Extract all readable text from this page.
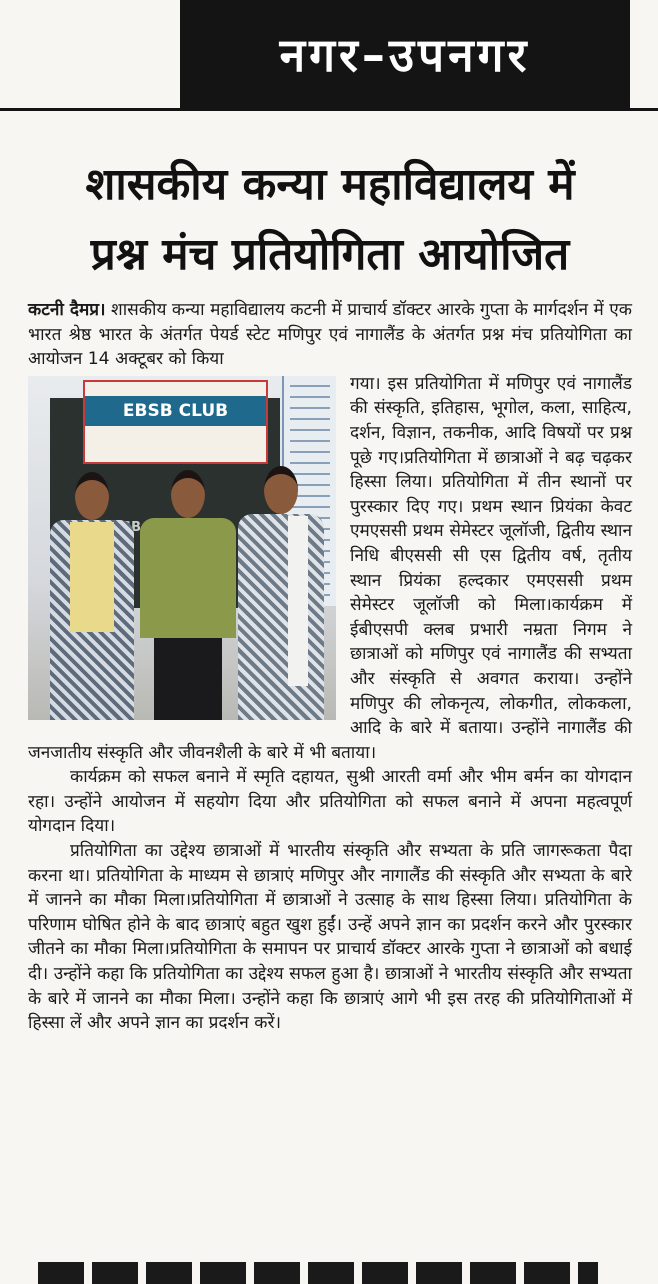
नगर–उपनगर
शासकीय कन्या महाविद्यालय में
प्रश्न मंच प्रतियोगिता आयोजित

कटनी दैमप्र। शासकीय कन्या महाविद्यालय कटनी में प्राचार्य डॉक्टर आरके गुप्ता के मार्गदर्शन में एक भारत श्रेष्ठ भारत के अंतर्गत पेयर्ड स्टेट मणिपुर एवं नागालैंड के अंतर्गत प्रश्न मंच प्रतियोगिता का आयोजन 14 अक्टूबर को किया

EBSB CLUB
गया। इस प्रतियोगिता में मणिपुर एवं नागालैंड की संस्कृति, इतिहास, भूगोल, कला, साहित्य, दर्शन, विज्ञान, तकनीक, आदि विषयों पर प्रश्न पूछे गए।प्रतियोगिता में छात्राओं ने बढ़ चढ़कर हिस्सा लिया। प्रतियोगिता में तीन स्थानों पर पुरस्कार दिए गए। प्रथम स्थान प्रियंका केवट एमएससी प्रथम सेमेस्टर जूलॉजी, द्वितीय स्थान निधि बीएससी सी एस द्वितीय वर्ष, तृतीय स्थान प्रियंका हल्दकार एमएससी प्रथम सेमेस्टर जूलॉजी को मिला।कार्यक्रम में ईबीएसपी क्लब प्रभारी नम्रता निगम ने छात्राओं को मणिपुर एवं नागालैंड की सभ्यता और संस्कृति से अवगत कराया। उन्होंने मणिपुर की लोकनृत्य, लोकगीत, लोककला, आदि के बारे में बताया। उन्होंने नागालैंड की जनजातीय संस्कृति और जीवनशैली के बारे में भी बताया।

कार्यक्रम को सफल बनाने में स्मृति दहायत, सुश्री आरती वर्मा और भीम बर्मन का योगदान रहा। उन्होंने आयोजन में सहयोग दिया और प्रतियोगिता को सफल बनाने में अपना महत्वपूर्ण योगदान दिया।

प्रतियोगिता का उद्देश्य छात्राओं में भारतीय संस्कृति और सभ्यता के प्रति जागरूकता पैदा करना था। प्रतियोगिता के माध्यम से छात्राएं मणिपुर और नागालैंड की संस्कृति और सभ्यता के बारे में जानने का मौका मिला।प्रतियोगिता में छात्राओं ने उत्साह के साथ हिस्सा लिया। प्रतियोगिता के परिणाम घोषित होने के बाद छात्राएं बहुत खुश हुईं। उन्हें अपने ज्ञान का प्रदर्शन करने और पुरस्कार जीतने का मौका मिला।प्रतियोगिता के समापन पर प्राचार्य डॉक्टर आरके गुप्ता ने छात्राओं को बधाई दी। उन्होंने कहा कि प्रतियोगिता का उद्देश्य सफल हुआ है। छात्राओं ने भारतीय संस्कृति और सभ्यता के बारे में जानने का मौका मिला। उन्होंने कहा कि छात्राएं आगे भी इस तरह की प्रतियोगिताओं में हिस्सा लें और अपने ज्ञान का प्रदर्शन करें।
